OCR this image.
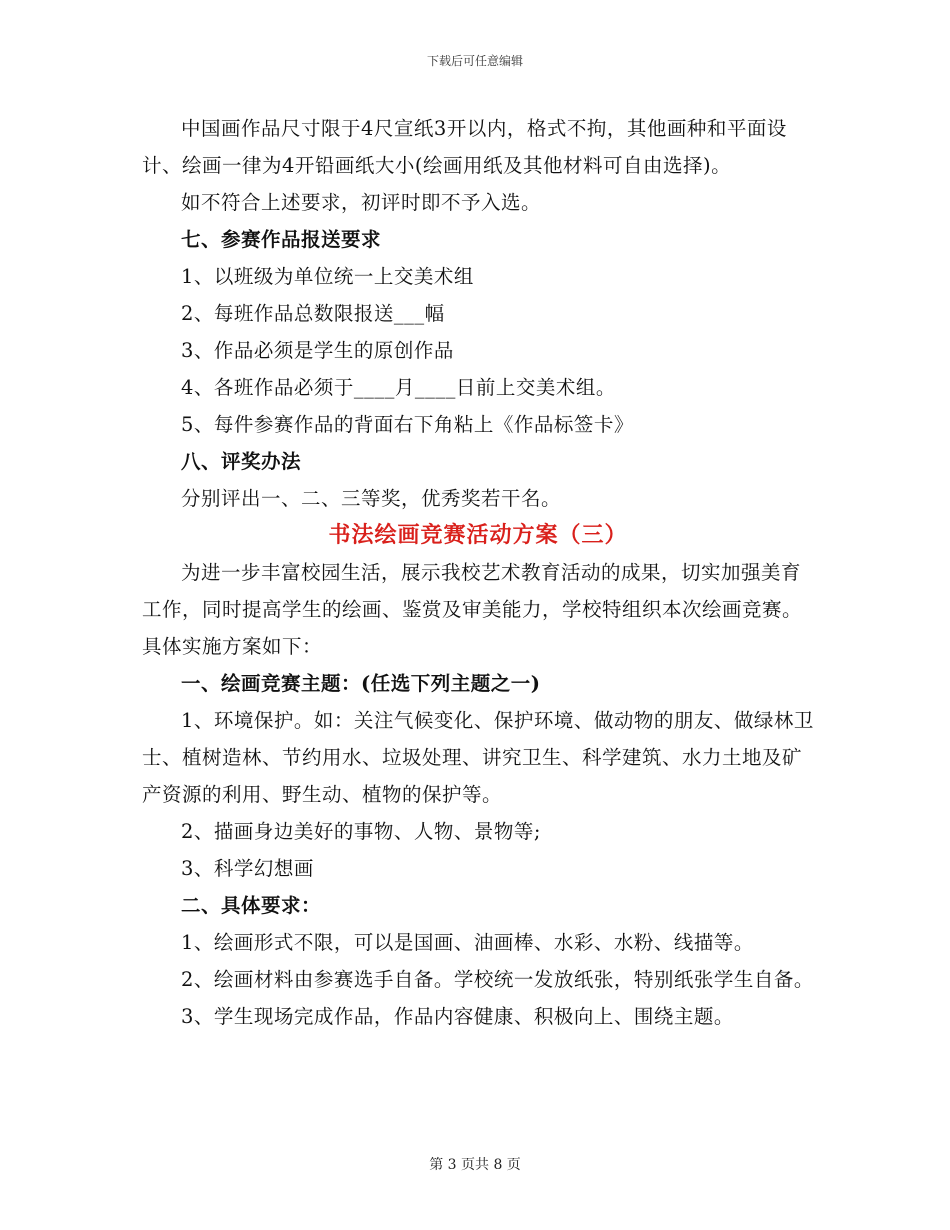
下载后可任意编辑

中国画作品尺寸限于4尺宣纸3开以内，格式不拘，其他画种和平面设计、绘画一律为4开铅画纸大小(绘画用纸及其他材料可自由选择)。

如不符合上述要求，初评时即不予入选。

七、参赛作品报送要求

1、以班级为单位统一上交美术组

2、每班作品总数限报送___幅

3、作品必须是学生的原创作品

4、各班作品必须于____月____日前上交美术组。

5、每件参赛作品的背面右下角粘上《作品标签卡》

八、评奖办法

分别评出一、二、三等奖，优秀奖若干名。

书法绘画竞赛活动方案（三）

为进一步丰富校园生活，展示我校艺术教育活动的成果，切实加强美育工作，同时提高学生的绘画、鉴赏及审美能力，学校特组织本次绘画竞赛。具体实施方案如下：

一、绘画竞赛主题：(任选下列主题之一)

1、环境保护。如：关注气候变化、保护环境、做动物的朋友、做绿林卫士、植树造林、节约用水、垃圾处理、讲究卫生、科学建筑、水力土地及矿产资源的利用、野生动、植物的保护等。

2、描画身边美好的事物、人物、景物等;

3、科学幻想画

二、具体要求：

1、绘画形式不限，可以是国画、油画棒、水彩、水粉、线描等。

2、绘画材料由参赛选手自备。学校统一发放纸张，特别纸张学生自备。

3、学生现场完成作品，作品内容健康、积极向上、围绕主题。

第 3 页共 8 页
